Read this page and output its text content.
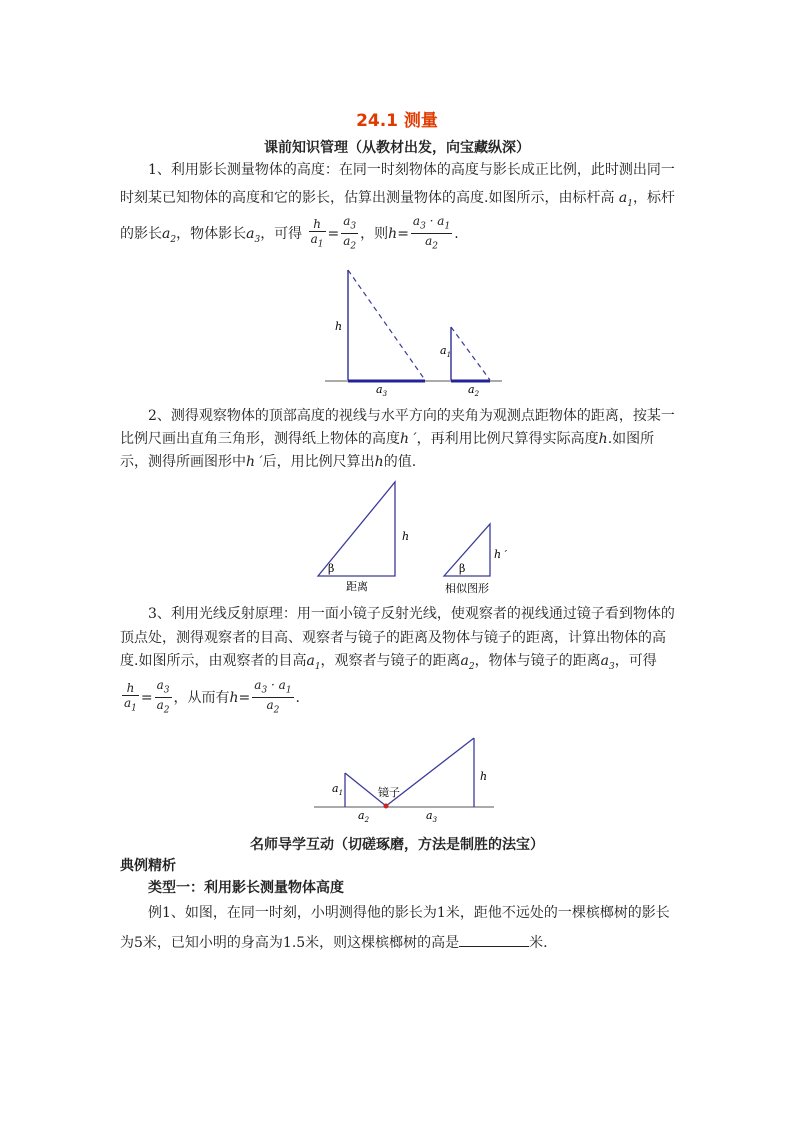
24.1 测量
课前知识管理（从教材出发，向宝藏纵深）
1、利用影长测量物体的高度：在同一时刻物体的高度与影长成正比例，此时测出同一
时刻某已知物体的高度和它的影长，估算出测量物体的高度.如图所示，由标杆高 $a_1$，标杆
的影长$a_2$，物体影长$a_3$，可得 $\frac{h}{a_1} = \frac{a_3}{a_2}$ ，则$h= \frac{a_3 \cdot a_1}{a_2}$ .
h
$a_1$
$a_3$	$a_2$
2、测得观察物体的顶部高度的视线与水平方向的夹角为观测点距物体的距离，按某一
比例尺画出直角三角形，测得纸上物体的高度h ′，再利用比例尺算得实际高度h.如图所
示，测得所画图形中h ′后，用比例尺算出h的值.
h
h ′
β	β
距离	相似图形
3、利用光线反射原理：用一面小镜子反射光线，使观察者的视线通过镜子看到物体的
顶点处，测得观察者的目高、观察者与镜子的距离及物体与镜子的距离，计算出物体的高
度.如图所示，由观察者的目高$a_1$，观察者与镜子的距离$a_2$，物体与镜子的距离$a_3$，可得
$\frac{h}{a_1} = \frac{a_3}{a_2}$ ，从而有$h= \frac{a_3 \cdot a_1}{a_2}$ .
镜子
$a_1$
$a_2$	$a_3$
h
名师导学互动（切磋琢磨，方法是制胜的法宝）
典例精析
类型一：利用影长测量物体高度
例1、如图，在同一时刻，小明测得他的影长为1米，距他不远处的一棵槟榔树的影长
为5米，已知小明的身高为1.5米，则这棵槟榔树的高是	米.
